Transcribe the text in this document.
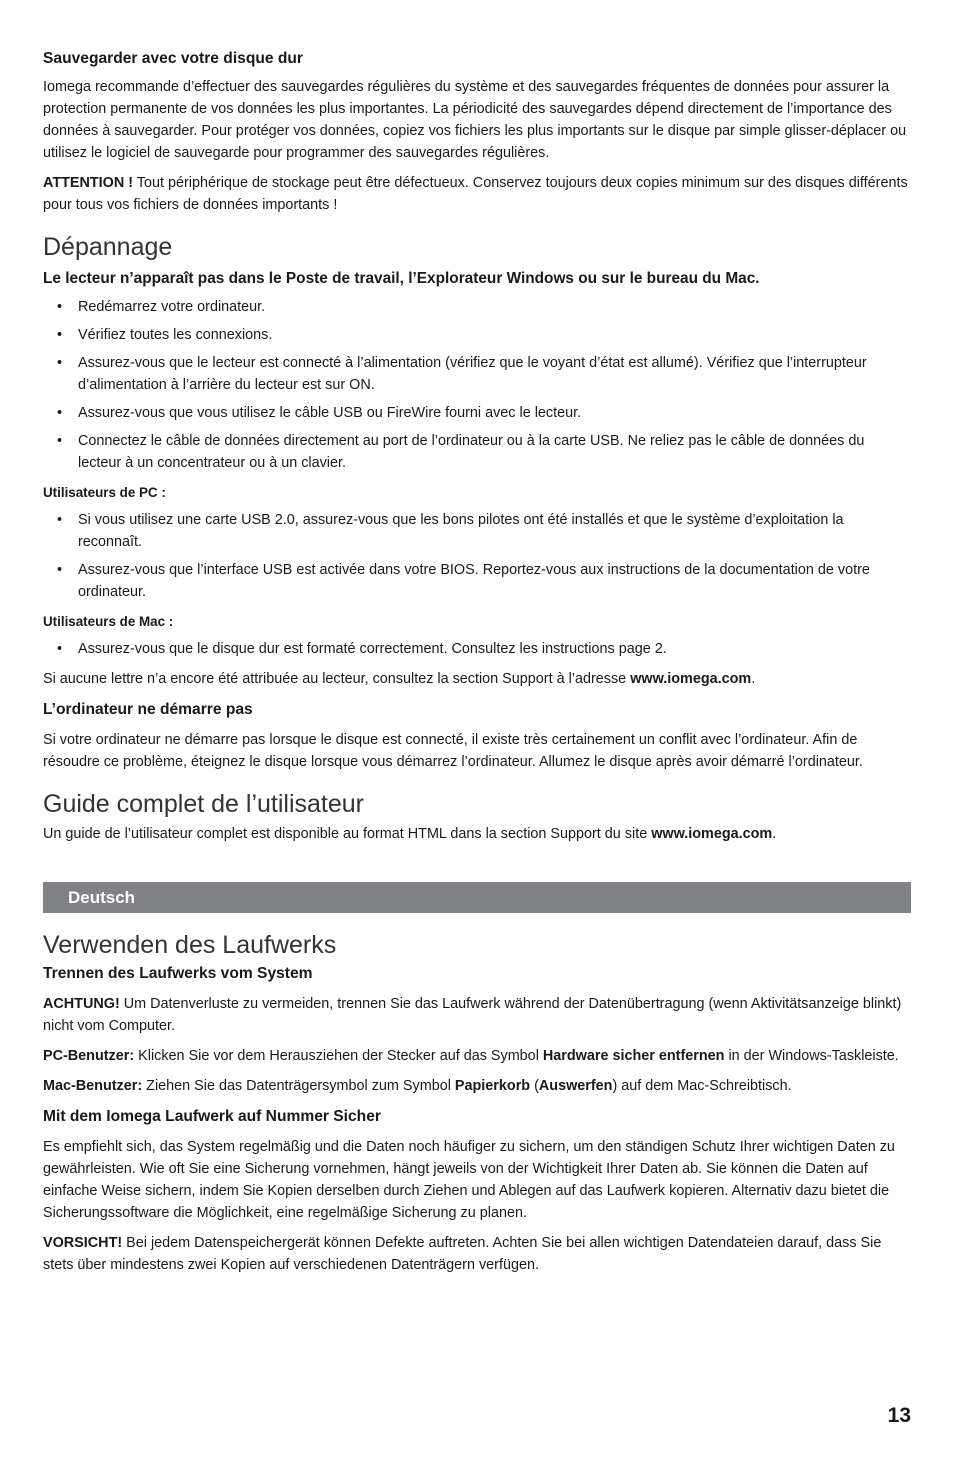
Sauvegarder avec votre disque dur

Iomega recommande d’effectuer des sauvegardes régulières du système et des sauvegardes fréquentes de données pour assurer la protection permanente de vos données les plus importantes. La périodicité des sauvegardes dépend directement de l’importance des données à sauvegarder. Pour protéger vos données, copiez vos fichiers les plus importants sur le disque par simple glisser-déplacer ou utilisez le logiciel de sauvegarde pour programmer des sauvegardes régulières.

ATTENTION ! Tout périphérique de stockage peut être défectueux. Conservez toujours deux copies minimum sur des disques différents pour tous vos fichiers de données importants !

Dépannage
Le lecteur n’apparaît pas dans le Poste de travail, l’Explorateur Windows ou sur le bureau du Mac.
• Redémarrez votre ordinateur.
• Vérifiez toutes les connexions.
• Assurez-vous que le lecteur est connecté à l’alimentation (vérifiez que le voyant d’état est allumé). Vérifiez que l’interrupteur d’alimentation à l’arrière du lecteur est sur ON.
• Assurez-vous que vous utilisez le câble USB ou FireWire fourni avec le lecteur.
• Connectez le câble de données directement au port de l’ordinateur ou à la carte USB. Ne reliez pas le câble de données du lecteur à un concentrateur ou à un clavier.
Utilisateurs de PC :
• Si vous utilisez une carte USB 2.0, assurez-vous que les bons pilotes ont été installés et que le système d’exploitation la reconnaît.
• Assurez-vous que l’interface USB est activée dans votre BIOS. Reportez-vous aux instructions de la documentation de votre ordinateur.
Utilisateurs de Mac :
• Assurez-vous que le disque dur est formaté correctement. Consultez les instructions page 2.

Si aucune lettre n’a encore été attribuée au lecteur, consultez la section Support à l’adresse www.iomega.com.

L’ordinateur ne démarre pas

Si votre ordinateur ne démarre pas lorsque le disque est connecté, il existe très certainement un conflit avec l’ordinateur. Afin de résoudre ce problème, éteignez le disque lorsque vous démarrez l’ordinateur. Allumez le disque après avoir démarré l’ordinateur.

Guide complet de l’utilisateur

Un guide de l’utilisateur complet est disponible au format HTML dans la section Support du site www.iomega.com.

Deutsch
Verwenden des Laufwerks
Trennen des Laufwerks vom System

ACHTUNG! Um Datenverluste zu vermeiden, trennen Sie das Laufwerk während der Datenübertragung (wenn Aktivitätsanzeige blinkt) nicht vom Computer.

PC-Benutzer: Klicken Sie vor dem Herausziehen der Stecker auf das Symbol Hardware sicher entfernen in der Windows-Taskleiste.

Mac-Benutzer: Ziehen Sie das Datenträgersymbol zum Symbol Papierkorb (Auswerfen) auf dem Mac-Schreibtisch.

Mit dem Iomega Laufwerk auf Nummer Sicher

Es empfiehlt sich, das System regelmäßig und die Daten noch häufiger zu sichern, um den ständigen Schutz Ihrer wichtigen Daten zu gewährleisten. Wie oft Sie eine Sicherung vornehmen, hängt jeweils von der Wichtigkeit Ihrer Daten ab. Sie können die Daten auf einfache Weise sichern, indem Sie Kopien derselben durch Ziehen und Ablegen auf das Laufwerk kopieren. Alternativ dazu bietet die Sicherungssoftware die Möglichkeit, eine regelmäßige Sicherung zu planen.

VORSICHT! Bei jedem Datenspeichergerät können Defekte auftreten. Achten Sie bei allen wichtigen Datendateien darauf, dass Sie stets über mindestens zwei Kopien auf verschiedenen Datenträgern verfügen.

13
